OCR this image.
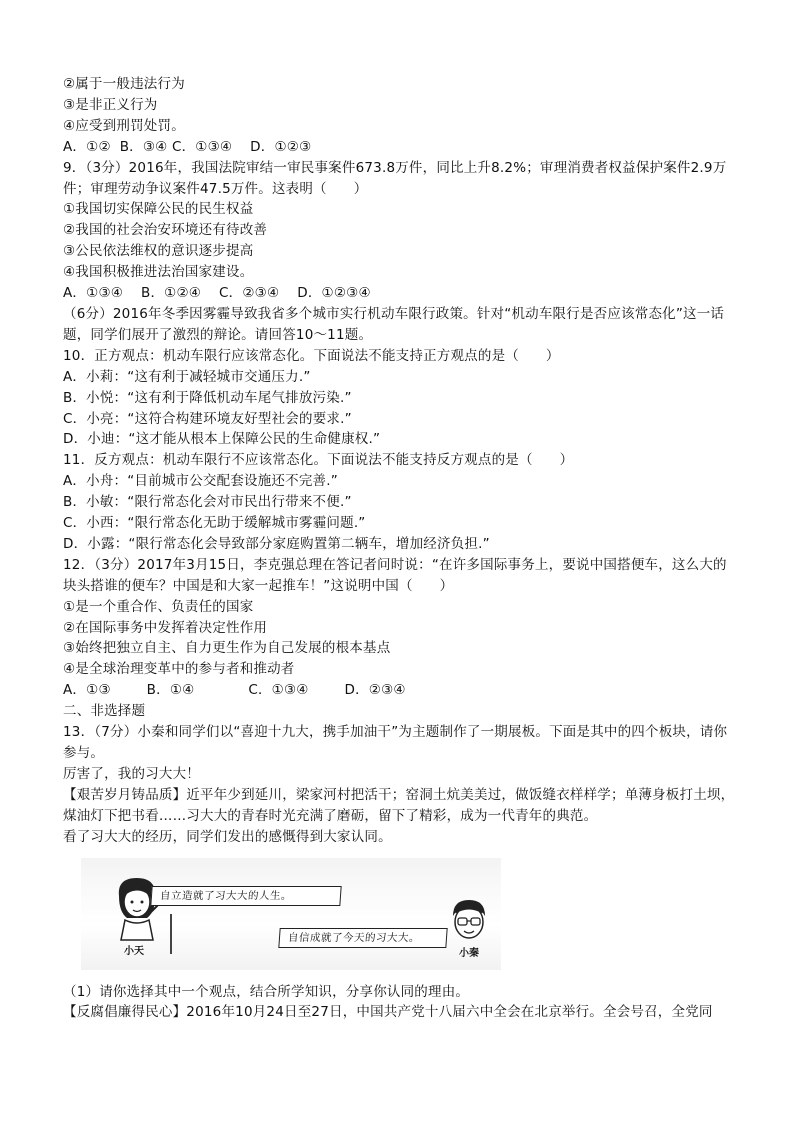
②属于一般违法行为
③是非正义行为
④应受到刑罚处罚。
A．①②  B．③④ C．①③④    D．①②③
9．（3分）2016年，我国法院审结一审民事案件673.8万件，同比上升8.2%；审理消费者权益保护案件2.9万件；审理劳动争议案件47.5万件。这表明（      ）
①我国切实保障公民的民生权益
②我国的社会治安环境还有待改善
③公民依法维权的意识逐步提高
④我国积极推进法治国家建设。
A．①③④    B．①②④    C．②③④    D．①②③④
（6分）2016年冬季因雾霾导致我省多个城市实行机动车限行政策。针对“机动车限行是否应该常态化”这一话题，同学们展开了激烈的辩论。请回答10～11题。
10．正方观点：机动车限行应该常态化。下面说法不能支持正方观点的是（      ）
A．小莉：“这有利于减轻城市交通压力.”
B．小悦：“这有利于降低机动车尾气排放污染.”
C．小亮：“这符合构建环境友好型社会的要求.”
D．小迪：“这才能从根本上保障公民的生命健康权.”
11．反方观点：机动车限行不应该常态化。下面说法不能支持反方观点的是（      ）
A．小舟：“目前城市公交配套设施还不完善.”
B．小敏：“限行常态化会对市民出行带来不便.”
C．小西：“限行常态化无助于缓解城市雾霾问题.”
D．小露：“限行常态化会导致部分家庭购置第二辆车，增加经济负担.”
12．（3分）2017年3月15日，李克强总理在答记者问时说：“在许多国际事务上，要说中国搭便车，这么大的块头搭谁的便车？中国是和大家一起推车！”这说明中国（      ）
①是一个重合作、负责任的国家
②在国际事务中发挥着决定性作用
③始终把独立自主、自力更生作为自己发展的根本基点
④是全球治理变革中的参与者和推动者
A．①③        B．①④            C．①③④        D．②③④
二、非选择题
13．（7分）小秦和同学们以“喜迎十九大，携手加油干”为主题制作了一期展板。下面是其中的四个板块，请你参与。
厉害了，我的习大大！
【艰苦岁月铸品质】近平年少到延川，梁家河村把活干；窑洞土炕美美过，做饭缝衣样样学；单薄身板打土坝，煤油灯下把书看……习大大的青春时光充满了磨砺，留下了精彩，成为一代青年的典范。
看了习大大的经历，同学们发出的感慨得到大家认同。
自立造就了习大大的人生。
小天
自信成就了今天的习大大。
小秦
（1）请你选择其中一个观点，结合所学知识，分享你认同的理由。
【反腐倡廉得民心】2016年10月24日至27日，中国共产党十八届六中全会在北京举行。全会号召，全党同
